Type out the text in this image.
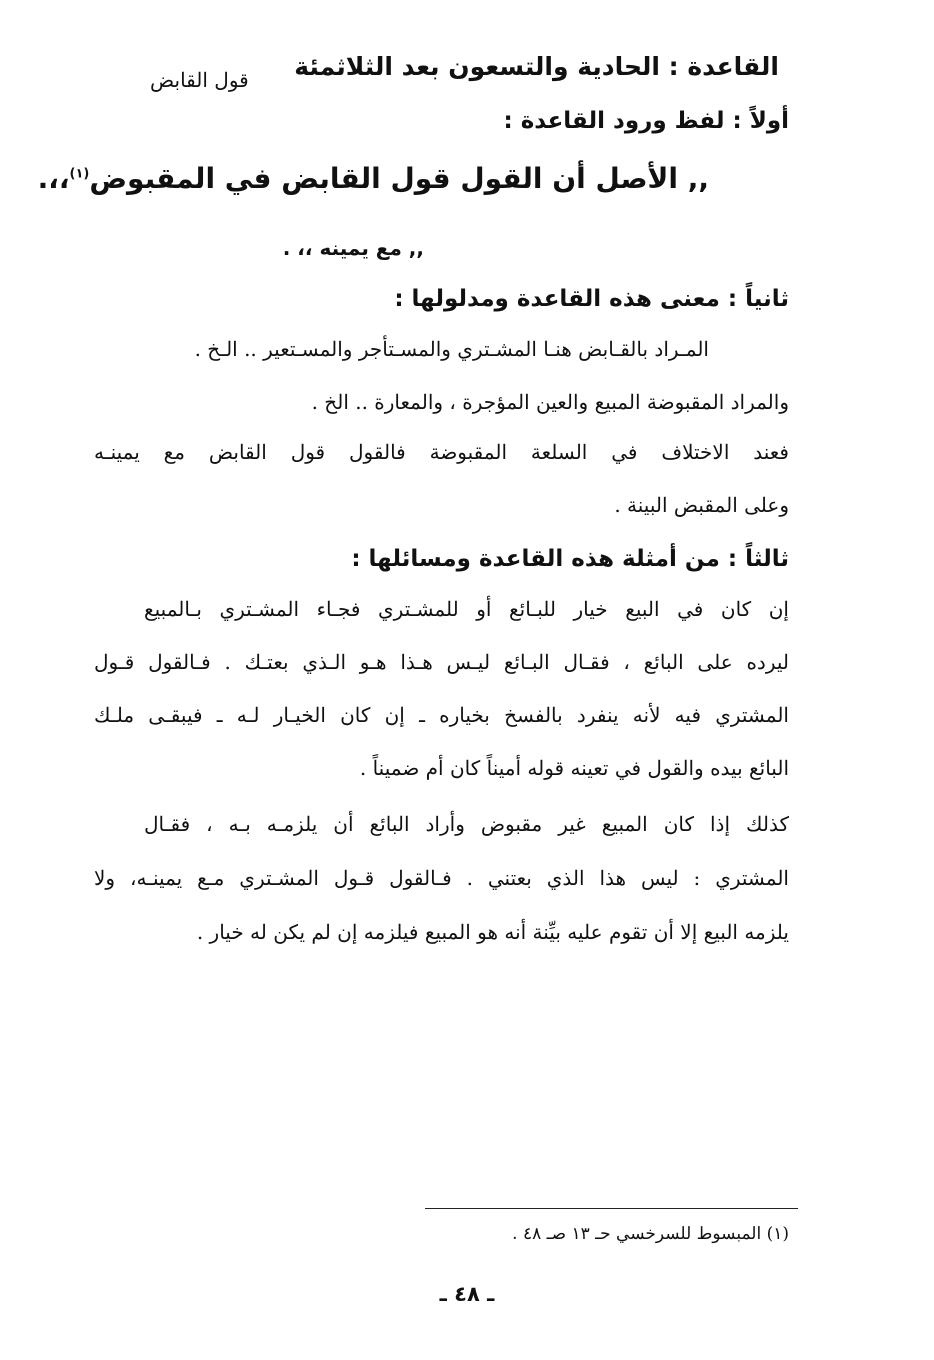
القاعدة : الحادية والتسعون بعد الثلاثمئة
قول القابض
أولاً : لفظ ورود القاعدة :
,, الأصل أن القول قول القابض في المقبوض$^{(١)}$،،.
,, مع يمينه ،، .
ثانياً : معنى هذه القاعدة ومدلولها :
المـراد بالقـابض هنـا المشـتري والمسـتأجر والمسـتعير .. الـخ .
والمراد المقبوضة المبيع والعين المؤجرة ، والمعارة .. الخ .
فعند الاختلاف في السلعة المقبوضة فالقول قول القابض مع يمينـه
وعلى المقبض البينة .
ثالثاً : من أمثلة هذه القاعدة ومسائلها :
إن كان في البيع خيار للبـائع أو للمشـتري فجـاء المشـتري بـالمبيع
ليرده على البائع ، فقـال البـائع ليـس هـذا هـو الـذي بعتـك . فـالقول قـول
المشتري فيه لأنه ينفرد بالفسخ بخياره ـ إن كان الخيـار لـه ـ فيبقـى ملـك
البائع بيده والقول في تعينه قوله أميناً كان أم ضميناً .
كذلك إذا كان المبيع غير مقبوض وأراد البائع أن يلزمـه بـه ، فقـال
المشتري : ليس هذا الذي بعتني . فـالقول قـول المشـتري مـع يمينـه، ولا
يلزمه البيع إلا أن تقوم عليه بيِّنة أنه هو المبيع فيلزمه إن لم يكن له خيار .
(١) المبسوط للسرخسي حـ ١٣ صـ ٤٨ .
ـ ٤٨ ـ
